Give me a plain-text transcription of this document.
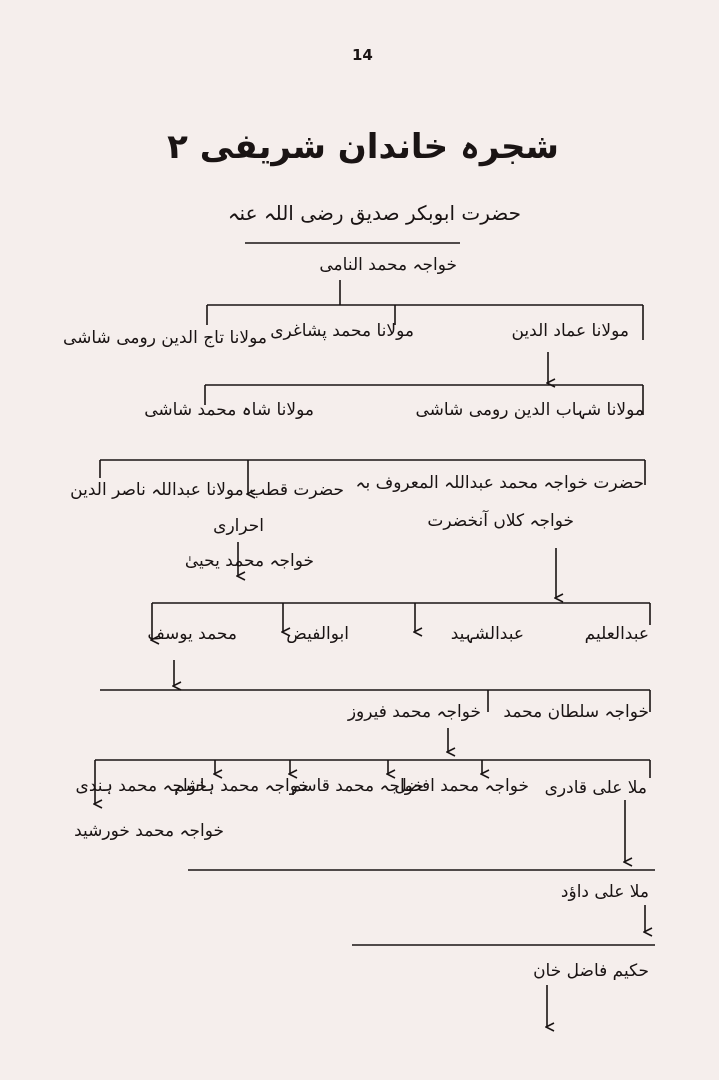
14
شجرہ خاندان شریفی ۲
حضرت ابوبکر صدیق رضی اللہ عنہ
خواجہ محمد النامی
مولانا عماد الدین
مولانا محمد پشاغری
مولانا تاج الدین رومی شاشی
مولانا شہاب الدین رومی شاشی
مولانا شاہ محمد شاشی
حضرت خواجہ محمد عبداللہ المعروف بہ
خواجہ کلاں آنخضرت
حضرت قطب مولانا عبداللہ ناصر الدین
احراری
خواجہ محمد یحییٰ
عبدالعلیم
عبدالشہید
ابوالفیض
محمد یوسف
خواجہ سلطان محمد
خواجہ محمد فیروز
ملا علی قادری
خواجہ محمد افضل
خواجہ محمد قاسم
خواجہ محمد ہاشم
خواجہ محمد ہندی
خواجہ محمد خورشید
ملا علی داؤد
حکیم فاضل خان
